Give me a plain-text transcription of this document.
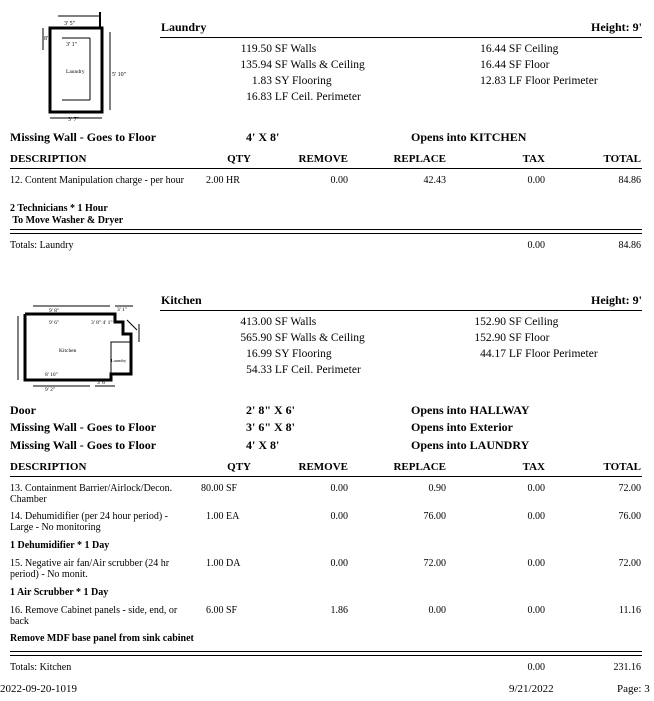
3' 5"
8'
3' 1"
5' 10"
3' 7"
Laundry
Laundry	Height: 9'
119.50 SF Walls
135.94 SF Walls & Ceiling
1.83 SY Flooring
16.83 LF Ceil. Perimeter
16.44 SF Ceiling
16.44 SF Floor
12.83 LF Floor Perimeter
Missing Wall - Goes to Floor	4' X 8'	Opens into KITCHEN
DESCRIPTION	QTY	REMOVE	REPLACE	TAX	TOTAL
12. Content Manipulation charge - per hour 2.00 HR	0.00	42.43	0.00	84.86
2 Technicians * 1 Hour
To Move Washer & Dryer
Totals: Laundry	0.00	84.86
9' 8"	3' 1"
9' 6"	3' 8" 4' 1"
8' 10"
9' 2"
3' 6"
Laundry
Kitchen
Kitchen	Height: 9'
413.00 SF Walls
565.90 SF Walls & Ceiling
16.99 SY Flooring
54.33 LF Ceil. Perimeter
152.90 SF Ceiling
152.90 SF Floor
44.17 LF Floor Perimeter
Door	2' 8" X 6'	Opens into HALLWAY
Missing Wall - Goes to Floor	3' 6" X 8'	Opens into Exterior
Missing Wall - Goes to Floor	4' X 8'	Opens into LAUNDRY
DESCRIPTION	QTY	REMOVE	REPLACE	TAX	TOTAL
13. Containment Barrier/Airlock/Decon. Chamber
80.00 SF	0.00	0.90	0.00	72.00
14. Dehumidifier (per 24 hour period) - Large - No monitoring
1.00 EA	0.00	76.00	0.00	76.00
1 Dehumidifier * 1 Day
15. Negative air fan/Air scrubber (24 hr period) - No monit.
1.00 DA	0.00	72.00	0.00	72.00
1 Air Scrubber * 1 Day
16. Remove Cabinet panels - side, end, or back
6.00 SF	1.86	0.00	0.00	11.16
Remove MDF base panel from sink cabinet
Totals: Kitchen	0.00	231.16
2022-09-20-1019	9/21/2022	Page: 3
